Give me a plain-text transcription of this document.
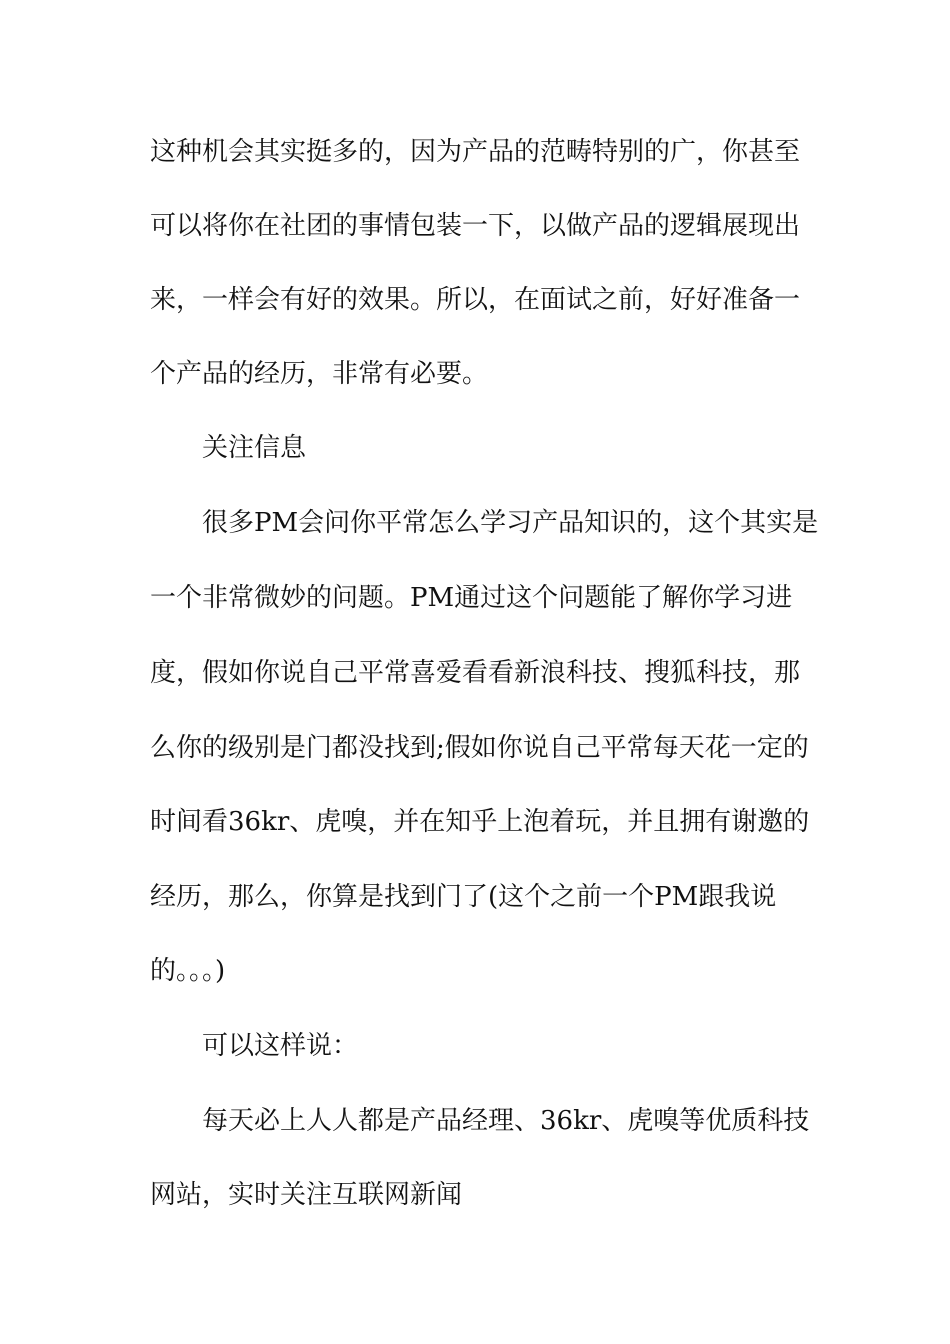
这种机会其实挺多的，因为产品的范畴特别的广，你甚至

可以将你在社团的事情包装一下，以做产品的逻辑展现出

来，一样会有好的效果。所以，在面试之前，好好准备一

个产品的经历，非常有必要。

关注信息

很多PM会问你平常怎么学习产品知识的，这个其实是

一个非常微妙的问题。PM通过这个问题能了解你学习进

度，假如你说自己平常喜爱看看新浪科技、搜狐科技，那

么你的级别是门都没找到;假如你说自己平常每天花一定的

时间看36kr、虎嗅，并在知乎上泡着玩，并且拥有谢邀的

经历，那么，你算是找到门了(这个之前一个PM跟我说

的。。。)

可以这样说：

每天必上人人都是产品经理、36kr、虎嗅等优质科技

网站，实时关注互联网新闻
